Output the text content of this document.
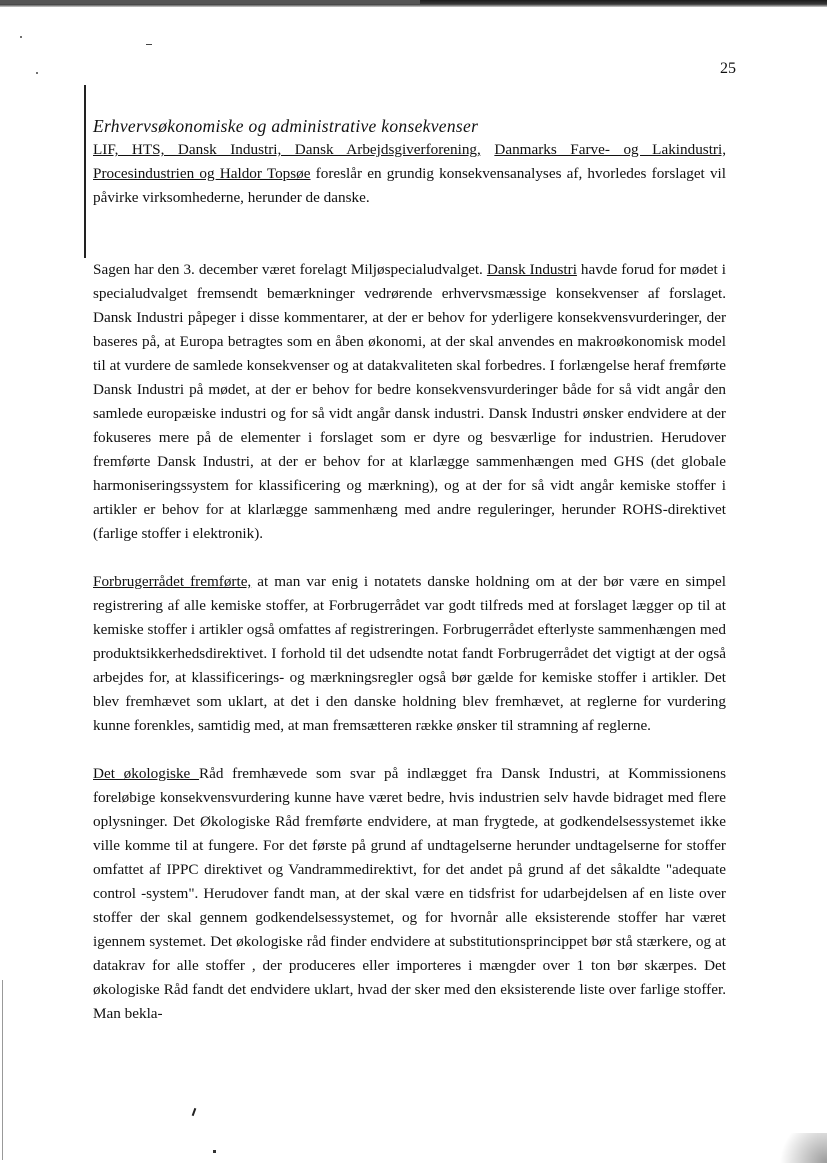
25
Erhvervsøkonomiske og administrative konsekvenser

LIF, HTS, Dansk Industri, Dansk Arbejdsgiverforening, Danmarks Farve- og Lakindustri, Procesindustrien og Haldor Topsøe foreslår en grundig konsekvensanalyses af, hvorledes forslaget vil påvirke virksomhederne, herunder de danske.

Sagen har den 3. december været forelagt Miljøspecialudvalget. Dansk Industri havde forud for mødet i specialudvalget fremsendt bemærkninger vedrørende erhvervsmæssige konsekvenser af forslaget. Dansk Industri påpeger i disse kommentarer, at der er behov for yderligere konsekvensvurderinger, der baseres på, at Europa betragtes som en åben økonomi, at der skal anvendes en makroøkonomisk model til at vurdere de samlede konsekvenser og at datakvaliteten skal forbedres. I forlængelse heraf fremførte Dansk Industri på mødet, at der er behov for bedre konsekvensvurderinger både for så vidt angår den samlede europæiske industri og for så vidt angår dansk industri. Dansk Industri ønsker endvidere at der fokuseres mere på de elementer i forslaget som er dyre og besværlige for industrien. Herudover fremførte Dansk Industri, at der er behov for at klarlægge sammenhængen med GHS (det globale harmoniseringssystem for klassificering og mærkning), og at der for så vidt angår kemiske stoffer i artikler er behov for at klarlægge sammenhæng med andre reguleringer, herunder ROHS-direktivet (farlige stoffer i elektronik).

Forbrugerrådet fremførte, at man var enig i notatets danske holdning om at der bør være en simpel registrering af alle kemiske stoffer, at Forbrugerrådet var godt tilfreds med at forslaget lægger op til at kemiske stoffer i artikler også omfattes af registreringen. Forbrugerrådet efterlyste sammenhængen med produktsikkerhedsdirektivet. I forhold til det udsendte notat fandt Forbrugerrådet det vigtigt at der også arbejdes for, at klassificerings- og mærkningsregler også bør gælde for kemiske stoffer i artikler. Det blev fremhævet som uklart, at det i den danske holdning blev fremhævet, at reglerne for vurdering kunne forenkles, samtidig med, at man fremsætteren række ønsker til stramning af reglerne.

Det økologiske Råd fremhævede som svar på indlægget fra Dansk Industri, at Kommissionens foreløbige konsekvensvurdering kunne have været bedre, hvis industrien selv havde bidraget med flere oplysninger. Det Økologiske Råd fremførte endvidere, at man frygtede, at godkendelsessystemet ikke ville komme til at fungere. For det første på grund af undtagelserne herunder undtagelserne for stoffer omfattet af IPPC direktivet og Vandrammedirektivt, for det andet på grund af det såkaldte "adequate control -system". Herudover fandt man, at der skal være en tidsfrist for udarbejdelsen af en liste over stoffer der skal gennem godkendelsessystemet, og for hvornår alle eksisterende stoffer har været igennem systemet. Det økologiske råd finder endvidere at substitutionsprincippet bør stå stærkere, og at datakrav for alle stoffer , der produceres eller importeres i mængder over 1 ton bør skærpes. Det økologiske Råd fandt det endvidere uklart, hvad der sker med den eksisterende liste over farlige stoffer. Man bekla-
